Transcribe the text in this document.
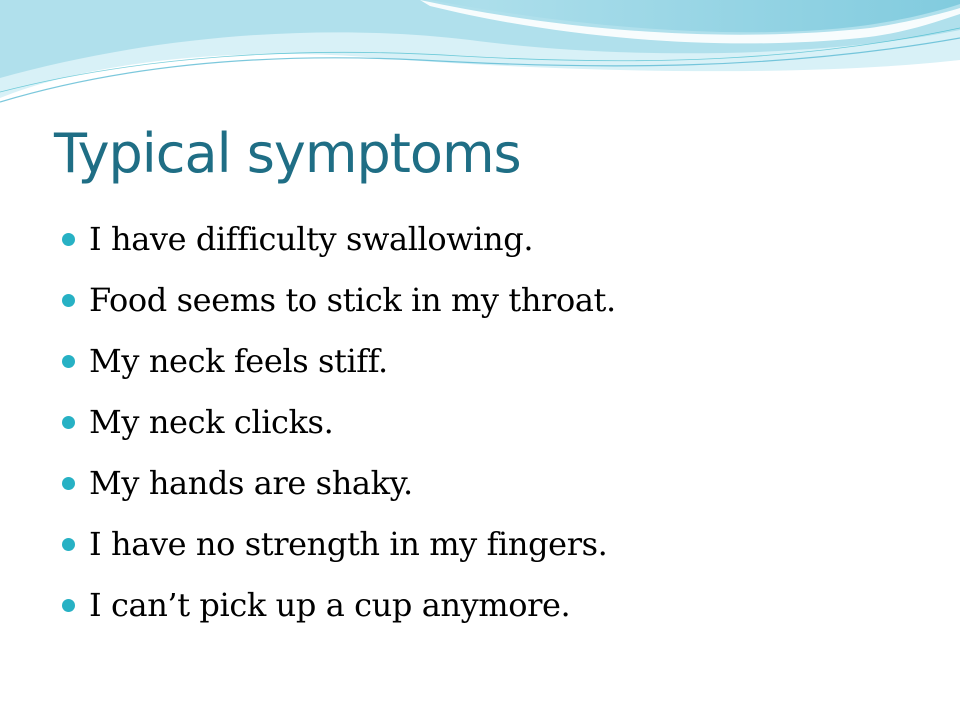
Typical symptoms
I have difficulty swallowing.
Food seems to stick in my throat.
My neck feels stiff.
My neck clicks.
My hands are shaky.
I have no strength in my fingers.
I can’t pick up a cup anymore.
